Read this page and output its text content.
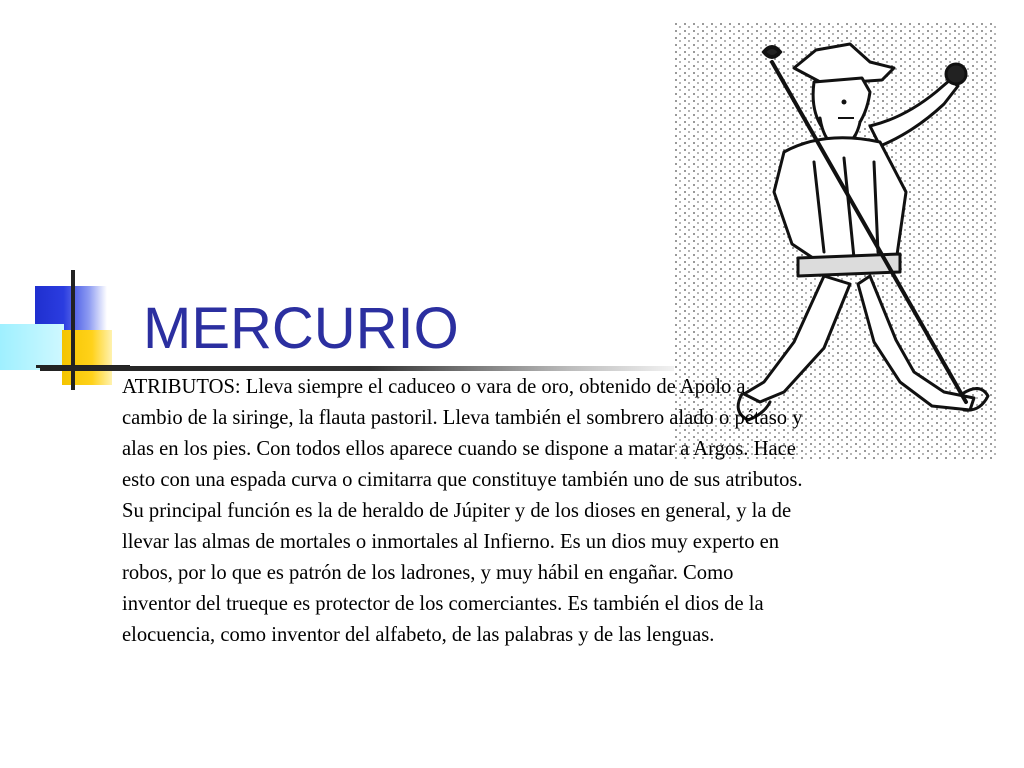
MERCURIO
ATRIBUTOS: Lleva siempre el caduceo o vara de oro, obtenido de Apolo a
cambio de la siringe, la flauta pastoril. Lleva también el sombrero alado o pétaso y
alas en los pies. Con todos ellos aparece cuando se dispone a matar a Argos. Hace
esto con una espada curva o cimitarra que constituye también uno de sus atributos.
Su principal función es la de heraldo de Júpiter y de los dioses en general, y la de
llevar las almas de mortales o inmortales al Infierno. Es un dios muy experto en
robos, por lo que es patrón de los ladrones, y muy hábil en engañar. Como
inventor del trueque es protector de los comerciantes. Es también el dios de la
elocuencia, como inventor del alfabeto, de las palabras y de las lenguas.
